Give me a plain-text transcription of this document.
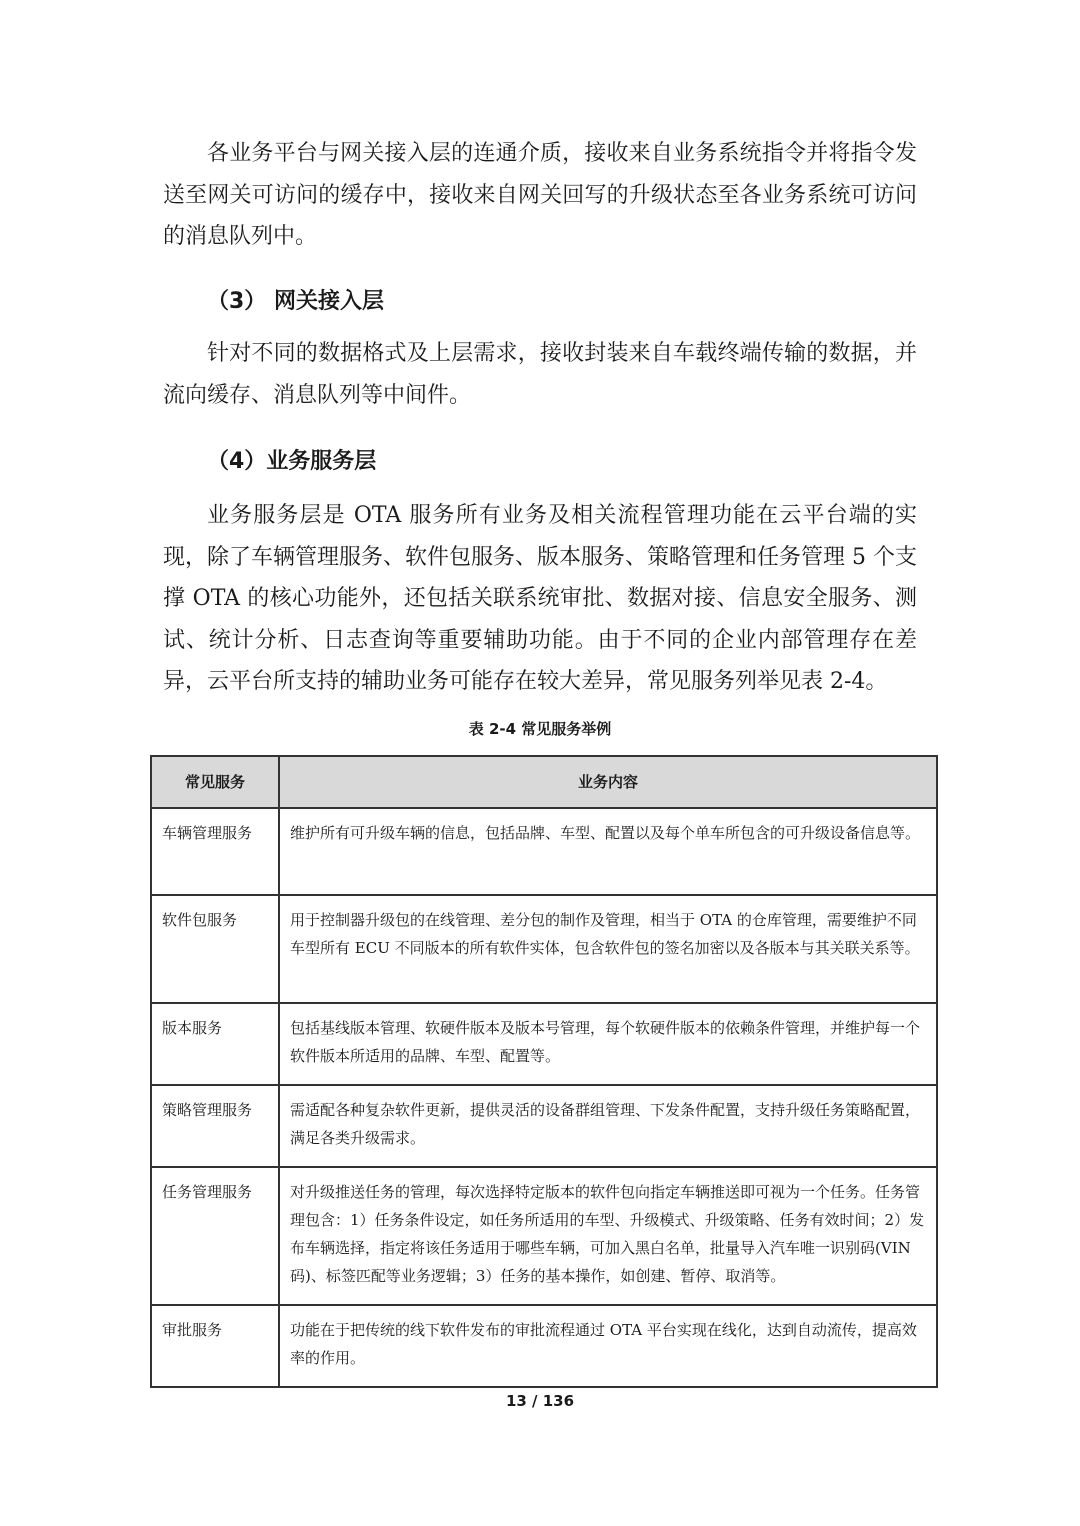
各业务平台与网关接入层的连通介质，接收来自业务系统指令并将指令发送至网关可访问的缓存中，接收来自网关回写的升级状态至各业务系统可访问的消息队列中。

（3） 网关接入层

针对不同的数据格式及上层需求，接收封装来自车载终端传输的数据，并流向缓存、消息队列等中间件。

（4）业务服务层

业务服务层是 OTA 服务所有业务及相关流程管理功能在云平台端的实现，除了车辆管理服务、软件包服务、版本服务、策略管理和任务管理 5 个支撑 OTA 的核心功能外，还包括关联系统审批、数据对接、信息安全服务、测试、统计分析、日志查询等重要辅助功能。由于不同的企业内部管理存在差异，云平台所支持的辅助业务可能存在较大差异，常见服务列举见表 2-4。

表 2-4 常见服务举例
常见服务	业务内容
车辆管理服务	维护所有可升级车辆的信息，包括品牌、车型、配置以及每个单车所包含的可升级设备信息等。
软件包服务	用于控制器升级包的在线管理、差分包的制作及管理，相当于 OTA 的仓库管理，需要维护不同车型所有 ECU 不同版本的所有软件实体，包含软件包的签名加密以及各版本与其关联关系等。
版本服务	包括基线版本管理、软硬件版本及版本号管理，每个软硬件版本的依赖条件管理，并维护每一个软件版本所适用的品牌、车型、配置等。
策略管理服务	需适配各种复杂软件更新，提供灵活的设备群组管理、下发条件配置，支持升级任务策略配置，满足各类升级需求。
任务管理服务	对升级推送任务的管理，每次选择特定版本的软件包向指定车辆推送即可视为一个任务。任务管理包含：1）任务条件设定，如任务所适用的车型、升级模式、升级策略、任务有效时间；2）发布车辆选择，指定将该任务适用于哪些车辆，可加入黑白名单，批量导入汽车唯一识别码(VIN 码)、标签匹配等业务逻辑；3）任务的基本操作，如创建、暂停、取消等。
审批服务	功能在于把传统的线下软件发布的审批流程通过 OTA 平台实现在线化，达到自动流传，提高效率的作用。
13 / 136
